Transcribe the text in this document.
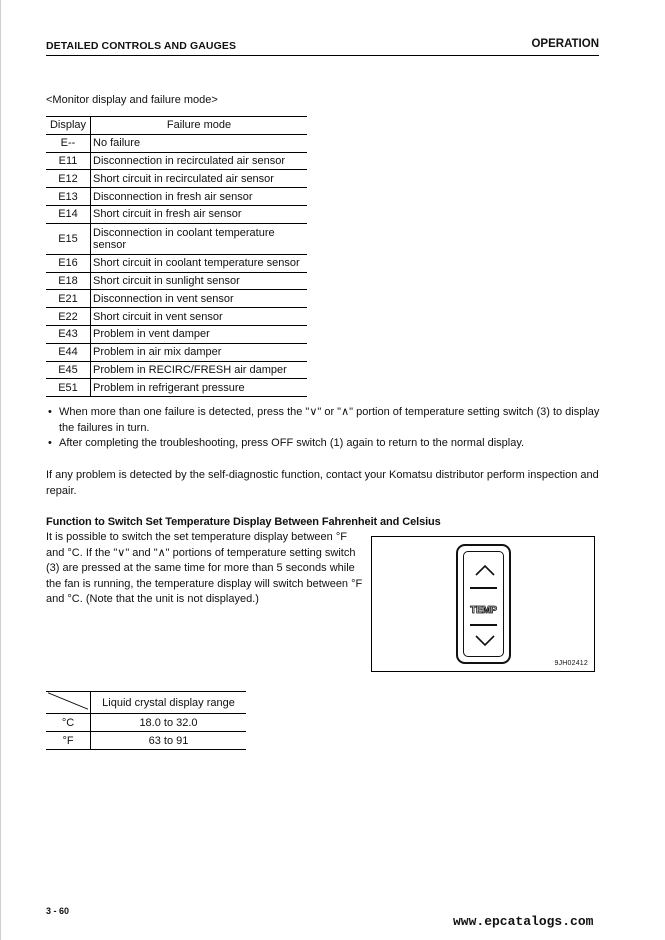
DETAILED CONTROLS AND GAUGES	OPERATION
<Monitor display and failure mode>
Display	Failure mode
E--	No failure
E11	Disconnection in recirculated air sensor
E12	Short circuit in recirculated air sensor
E13	Disconnection in fresh air sensor
E14	Short circuit in fresh air sensor
E15	Disconnection in coolant temperature sensor
E16	Short circuit in coolant temperature sensor
E18	Short circuit in sunlight sensor
E21	Disconnection in vent sensor
E22	Short circuit in vent sensor
E43	Problem in vent damper
E44	Problem in air mix damper
E45	Problem in RECIRC/FRESH air damper
E51	Problem in refrigerant pressure
• When more than one failure is detected, press the "∨" or "∧" portion of temperature setting switch (3) to display the failures in turn.
• After completing the troubleshooting, press OFF switch (1) again to return to the normal display.
If any problem is detected by the self-diagnostic function, contact your Komatsu distributor perform inspection and repair.
Function to Switch Set Temperature Display Between Fahrenheit and Celsius
It is possible to switch the set temperature display between °F and °C. If the "∨" and "∧" portions of temperature setting switch (3) are pressed at the same time for more than 5 seconds while the fan is running, the temperature display will switch between °F and °C. (Note that the unit is not displayed.)
TEMP
9JH02412
	Liquid crystal display range
°C	18.0 to 32.0
°F	63 to 91
3 - 60
www.epcatalogs.com
